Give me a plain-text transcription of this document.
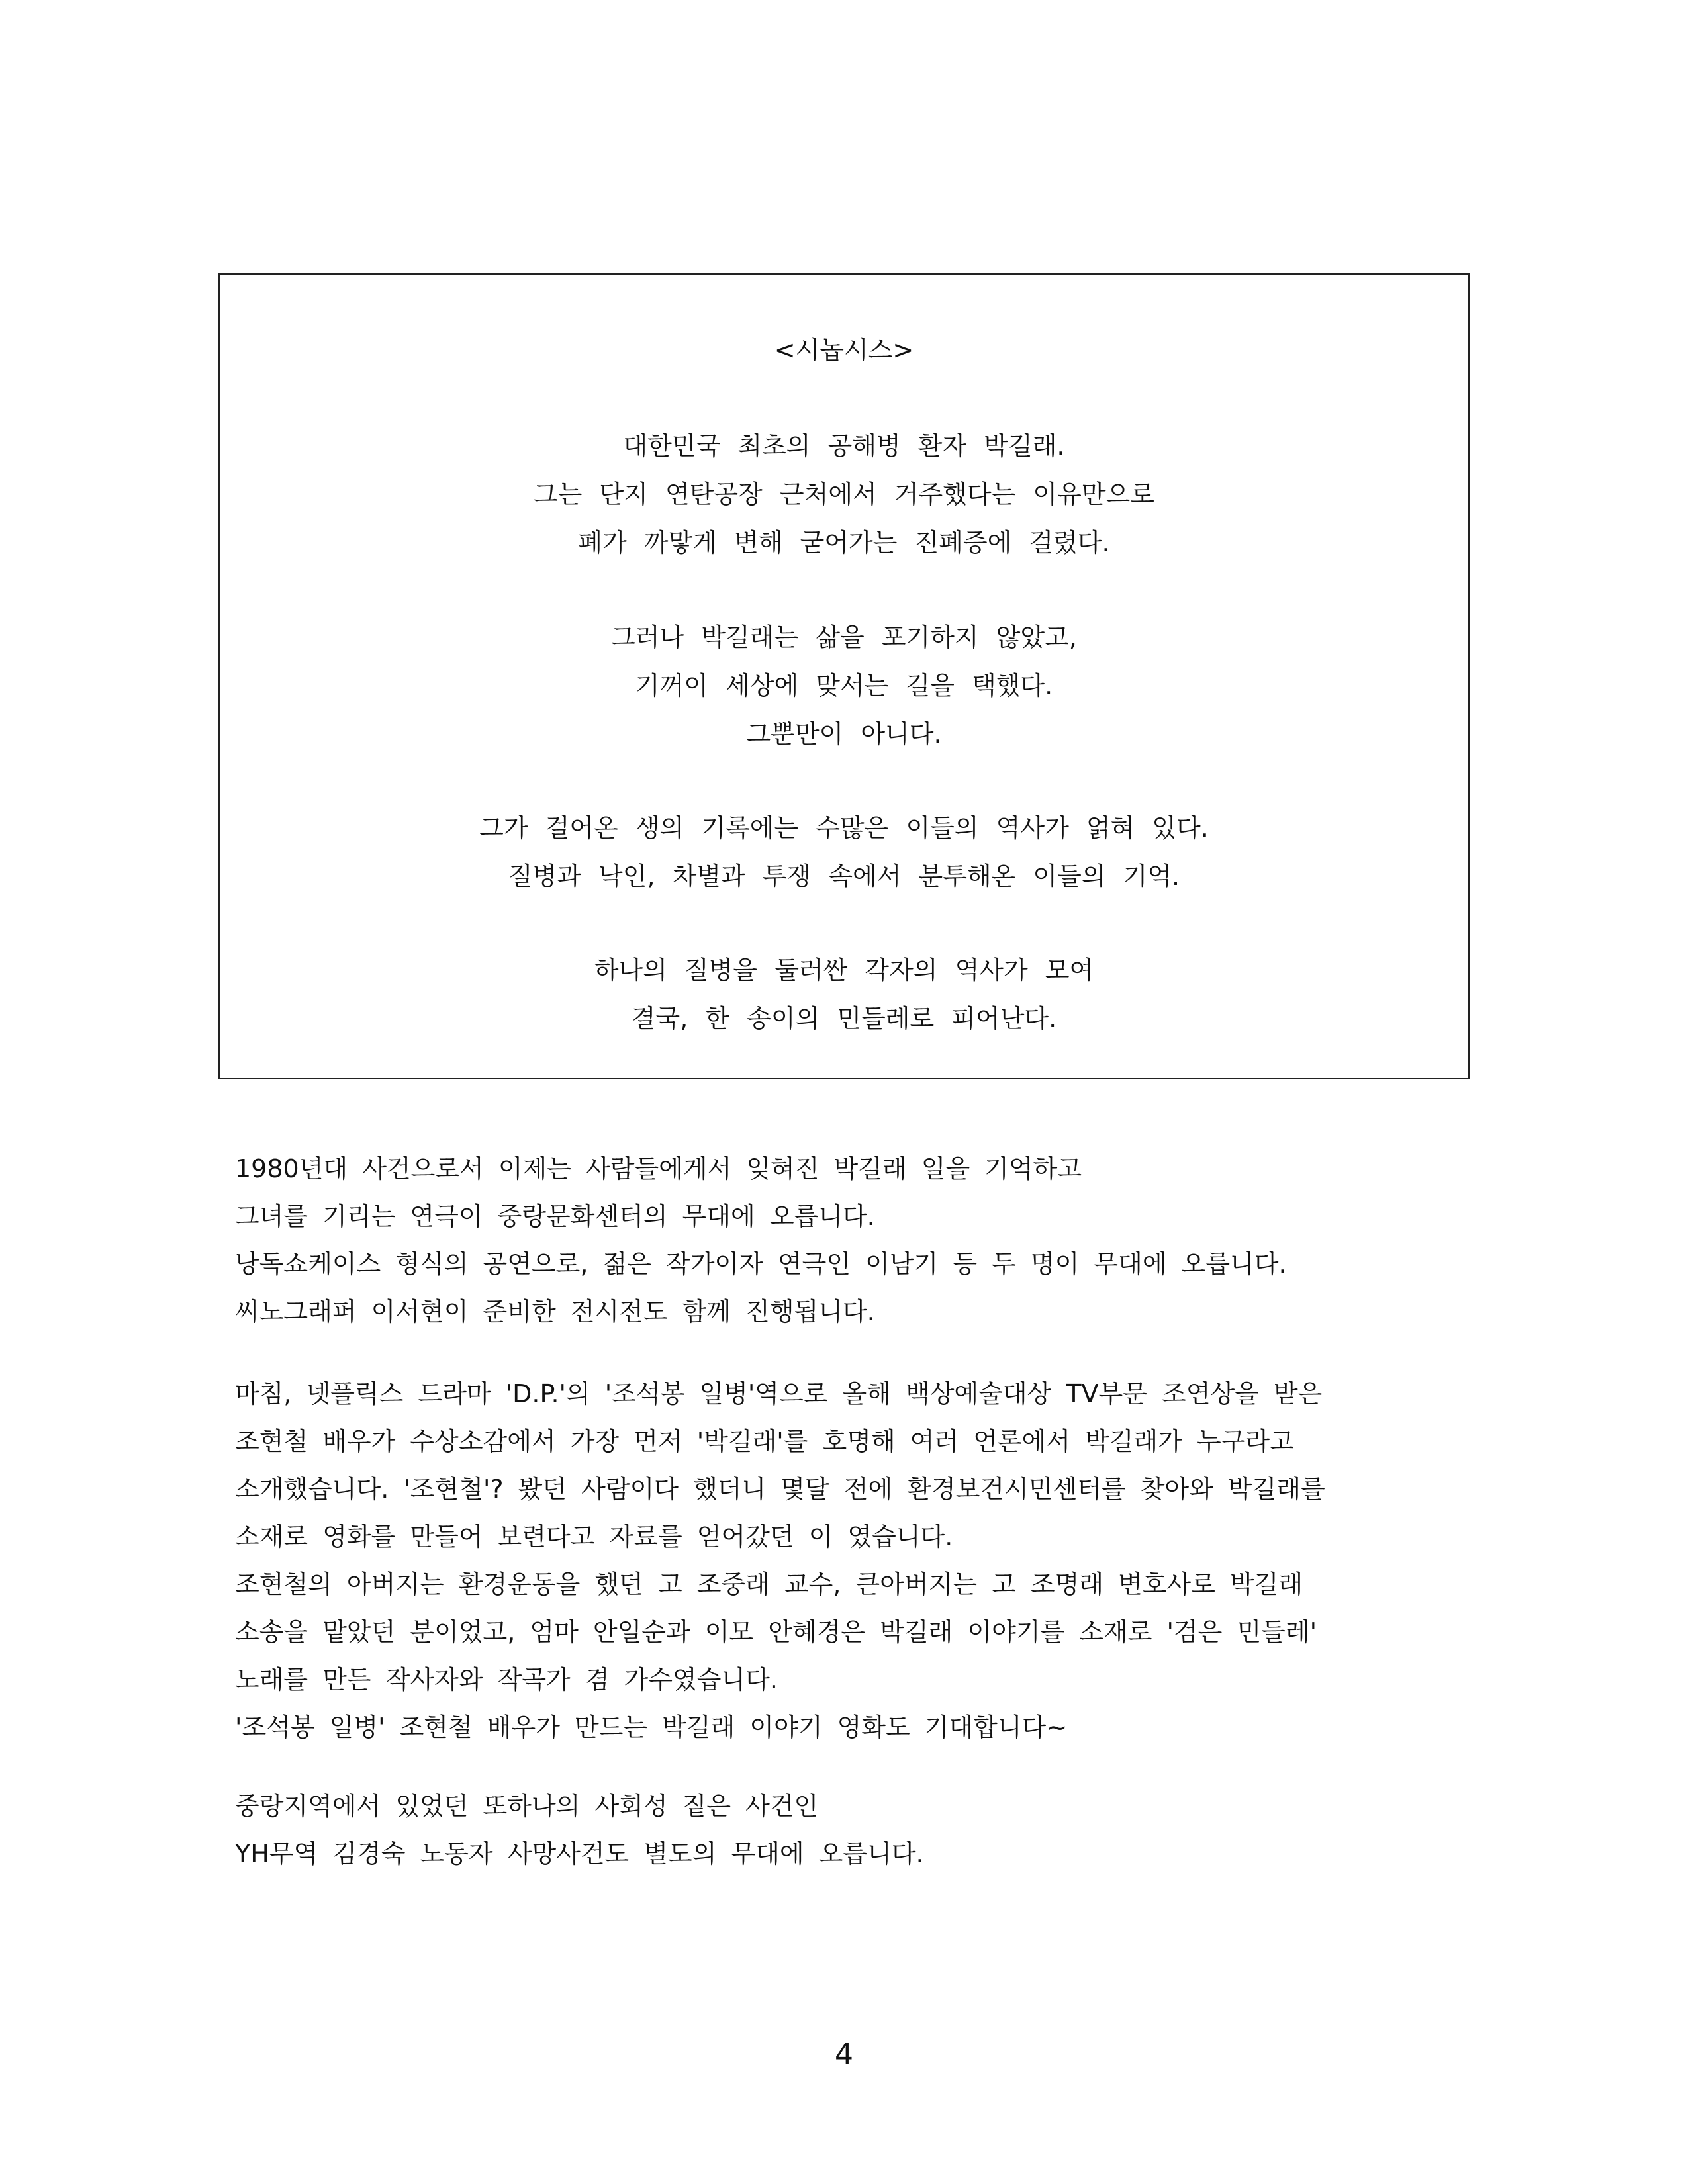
<시놉시스>
대한민국 최초의 공해병 환자 박길래.
그는 단지 연탄공장 근처에서 거주했다는 이유만으로
폐가 까맣게 변해 굳어가는 진폐증에 걸렸다.
그러나 박길래는 삶을 포기하지 않았고,
기꺼이 세상에 맞서는 길을 택했다.
그뿐만이 아니다.
그가 걸어온 생의 기록에는 수많은 이들의 역사가 얽혀 있다.
질병과 낙인, 차별과 투쟁 속에서 분투해온 이들의 기억.
하나의 질병을 둘러싼 각자의 역사가 모여
결국, 한 송이의 민들레로 피어난다.
1980년대 사건으로서 이제는 사람들에게서 잊혀진 박길래 일을 기억하고
그녀를 기리는 연극이 중랑문화센터의 무대에 오릅니다.
낭독쇼케이스 형식의 공연으로, 젊은 작가이자 연극인 이남기 등 두 명이 무대에 오릅니다.
씨노그래퍼 이서현이 준비한 전시전도 함께 진행됩니다.
마침, 넷플릭스 드라마 'D.P.'의 '조석봉 일병'역으로 올해 백상예술대상 TV부문 조연상을 받은
조현철 배우가 수상소감에서 가장 먼저 '박길래'를 호명해 여러 언론에서 박길래가 누구라고
소개했습니다. '조현철'? 봤던 사람이다 했더니 몇달 전에 환경보건시민센터를 찾아와 박길래를
소재로 영화를 만들어 보련다고 자료를 얻어갔던 이 였습니다.
조현철의 아버지는 환경운동을 했던 고 조중래 교수, 큰아버지는 고 조명래 변호사로 박길래
소송을 맡았던 분이었고, 엄마 안일순과 이모 안혜경은 박길래 이야기를 소재로 '검은 민들레'
노래를 만든 작사자와 작곡가 겸 가수였습니다.
'조석봉 일병' 조현철 배우가 만드는 박길래 이야기 영화도 기대합니다~
중랑지역에서 있었던 또하나의 사회성 짙은 사건인
YH무역 김경숙 노동자 사망사건도 별도의 무대에 오릅니다.
4
